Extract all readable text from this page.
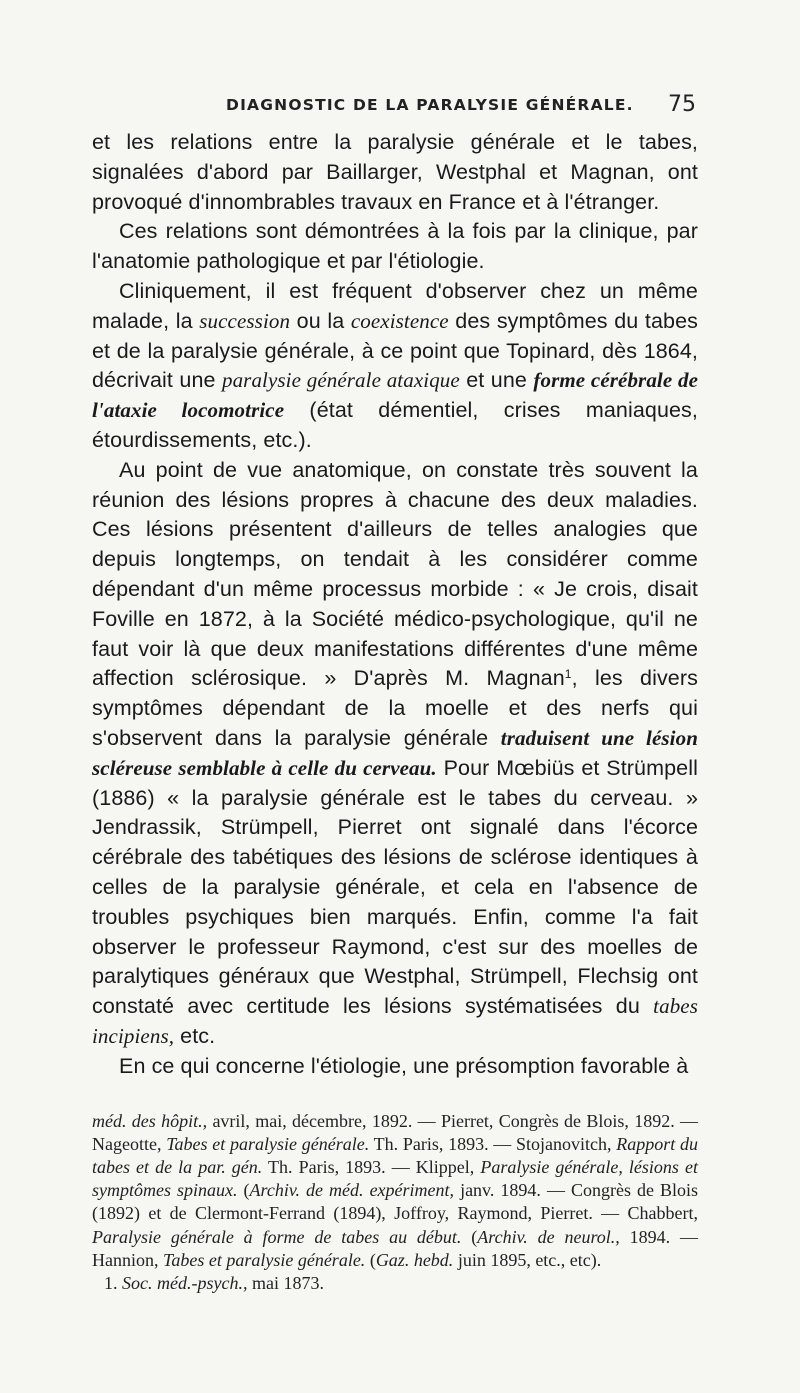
DIAGNOSTIC DE LA PARALYSIE GÉNÉRALE. 75

et les relations entre la paralysie générale et le tabes, signalées d'abord par Baillarger, Westphal et Magnan, ont provoqué d'innombrables travaux en France et à l'étranger.

Ces relations sont démontrées à la fois par la clinique, par l'anatomie pathologique et par l'étiologie.

Cliniquement, il est fréquent d'observer chez un même malade, la succession ou la coexistence des symptômes du tabes et de la paralysie générale, à ce point que Topinard, dès 1864, décrivait une paralysie générale ataxique et une forme cérébrale de l'ataxie locomotrice (état démentiel, crises maniaques, étourdissements, etc.).

Au point de vue anatomique, on constate très souvent la réunion des lésions propres à chacune des deux maladies. Ces lésions présentent d'ailleurs de telles analogies que depuis longtemps, on tendait à les considérer comme dépendant d'un même processus morbide : « Je crois, disait Foville en 1872, à la Société médico-psychologique, qu'il ne faut voir là que deux manifestations différentes d'une même affection sclérosique. » D'après M. Magnan$^1$, les divers symptômes dépendant de la moelle et des nerfs qui s'observent dans la paralysie générale traduisent une lésion scléreuse semblable à celle du cerveau. Pour Mœbiüs et Strümpell (1886) « la paralysie générale est le tabes du cerveau. » Jendrassik, Strümpell, Pierret ont signalé dans l'écorce cérébrale des tabétiques des lésions de sclérose identiques à celles de la paralysie générale, et cela en l'absence de troubles psychiques bien marqués. Enfin, comme l'a fait observer le professeur Raymond, c'est sur des moelles de paralytiques généraux que Westphal, Strümpell, Flechsig ont constaté avec certitude les lésions systématisées du tabes incipiens, etc.

En ce qui concerne l'étiologie, une présomption favorable à

méd. des hôpit., avril, mai, décembre, 1892. — Pierret, Congrès de Blois, 1892. — Nageotte, Tabes et paralysie générale. Th. Paris, 1893. — Stojanovitch, Rapport du tabes et de la par. gén. Th. Paris, 1893. — Klippel, Paralysie générale, lésions et symptômes spinaux. (Archiv. de méd. expériment, janv. 1894. — Congrès de Blois (1892) et de Clermont-Ferrand (1894), Joffroy, Raymond, Pierret. — Chabbert, Paralysie générale à forme de tabes au début. (Archiv. de neurol., 1894. — Hannion, Tabes et paralysie générale. (Gaz. hebd. juin 1895, etc., etc).

1. Soc. méd.-psych., mai 1873.
